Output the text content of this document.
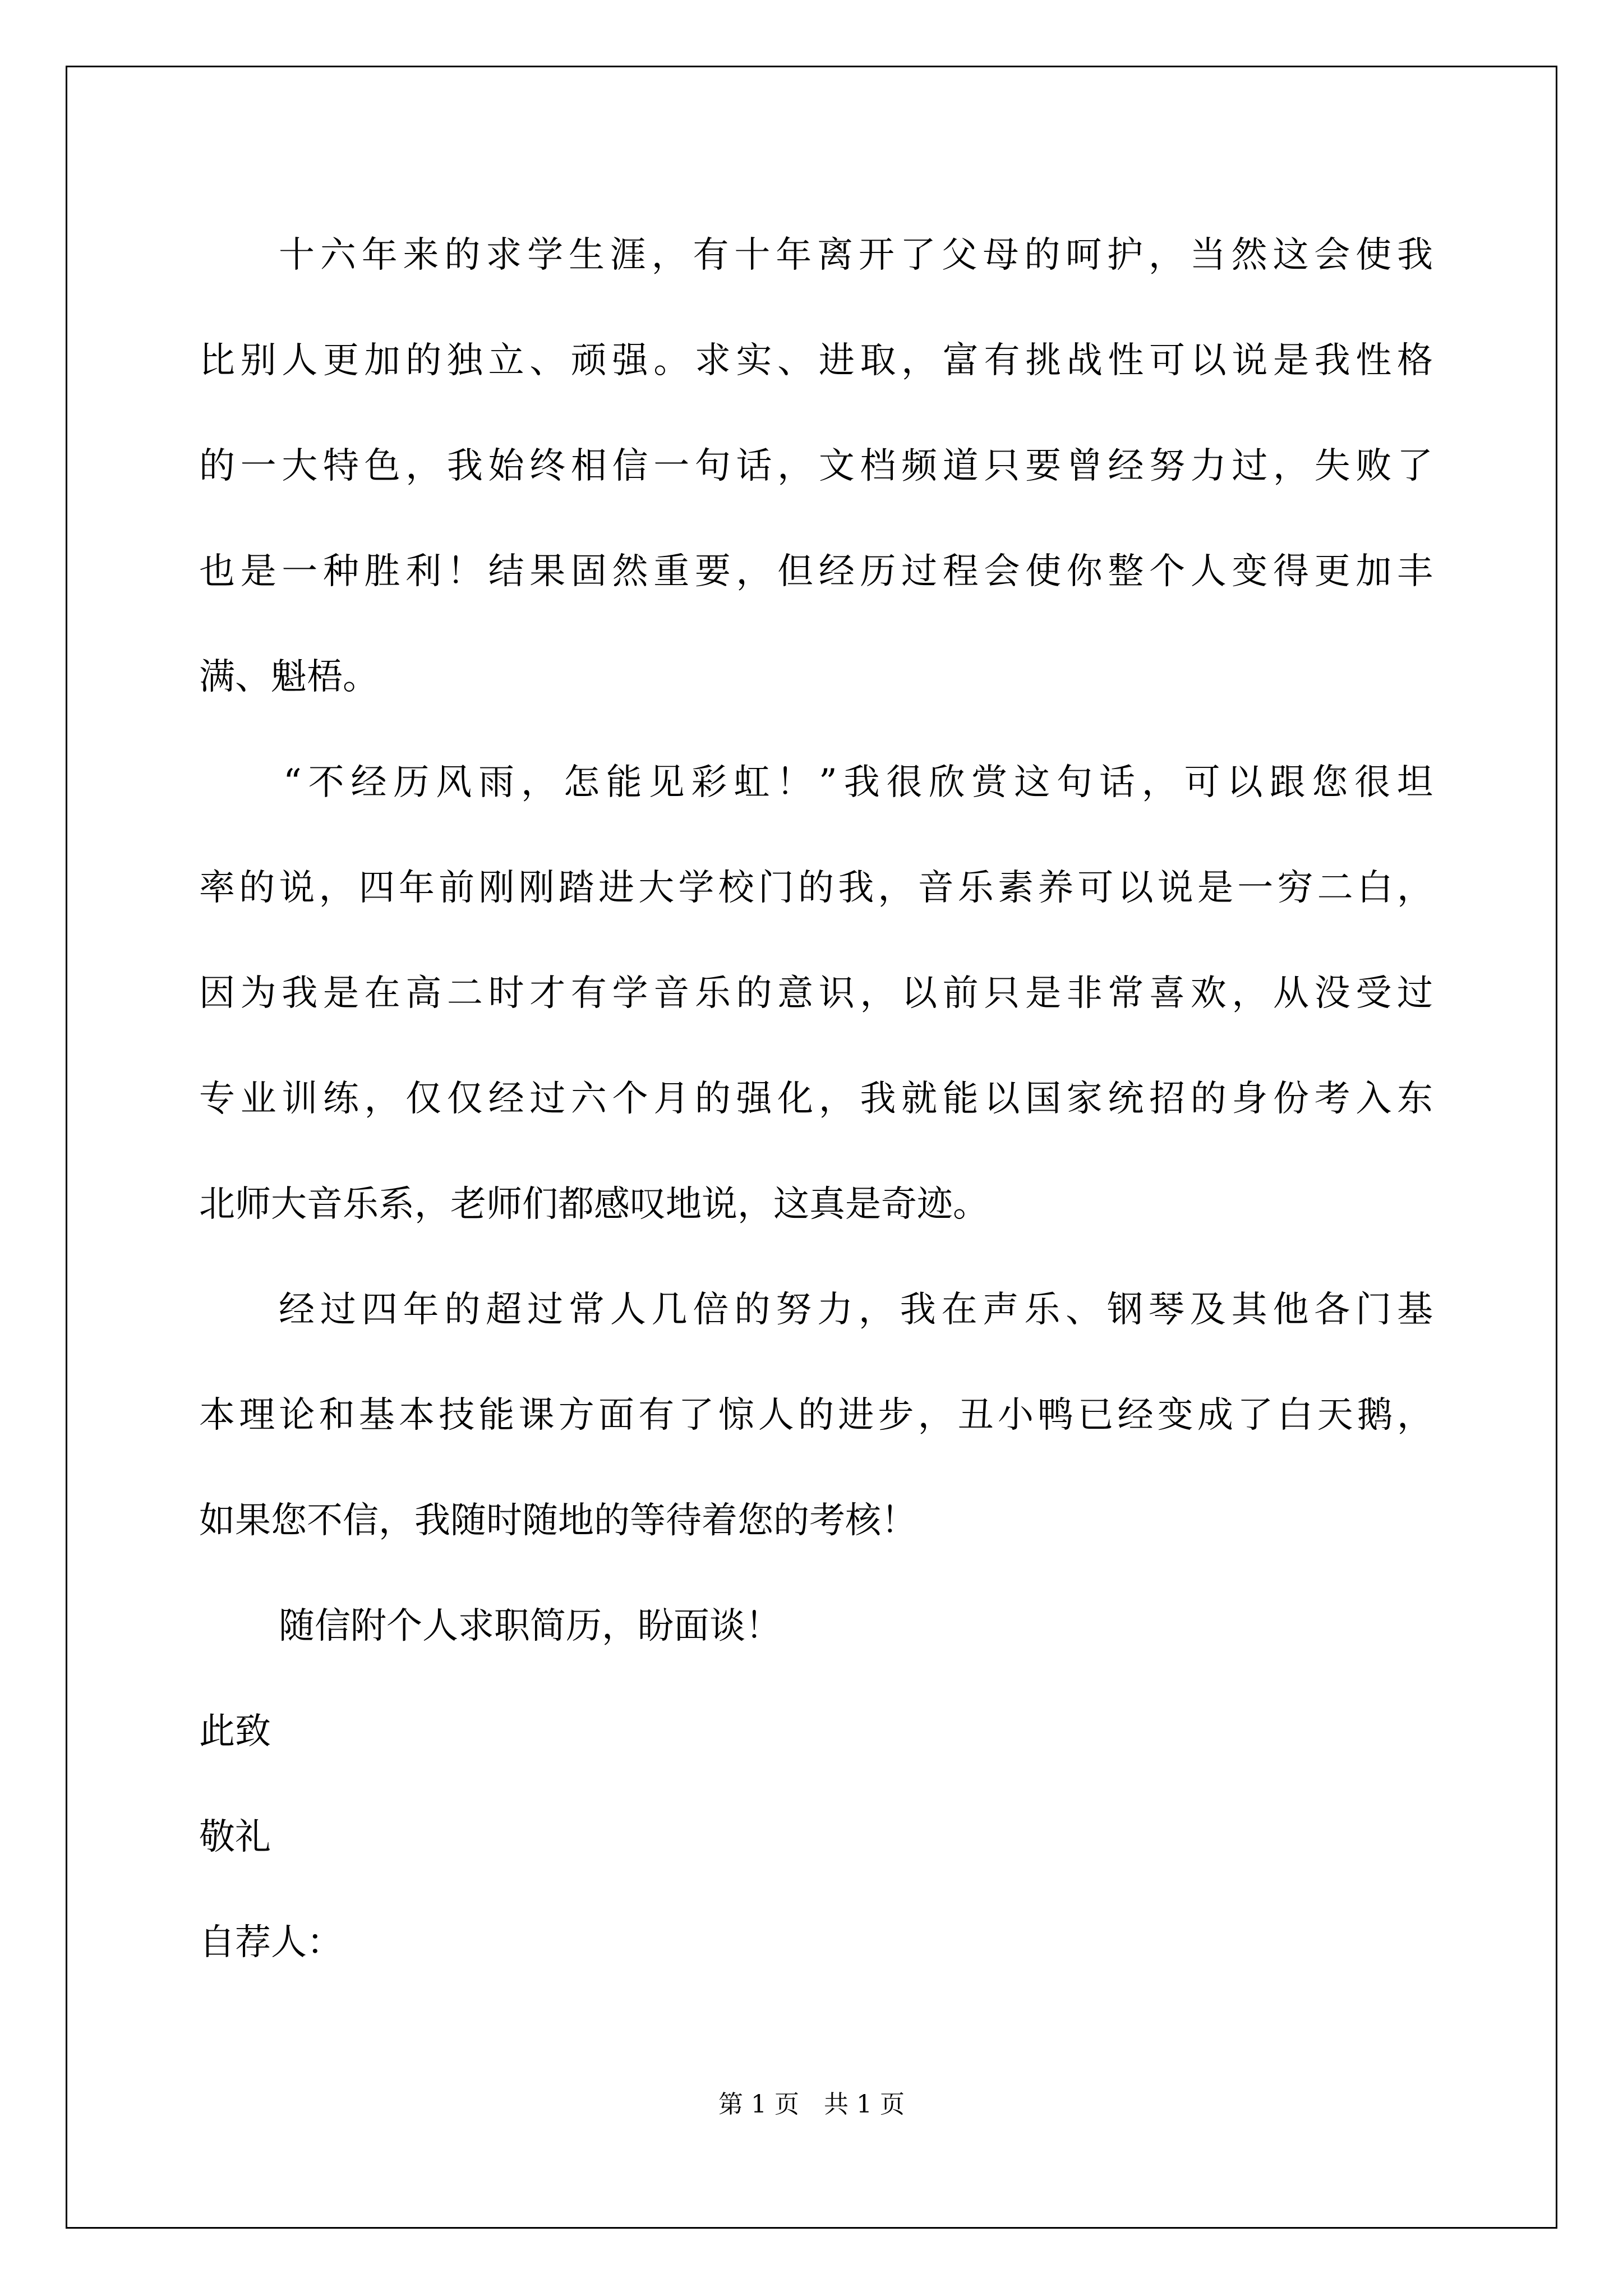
十六年来的求学生涯，有十年离开了父母的呵护，当然这会使我
比别人更加的独立、顽强。求实、进取，富有挑战性可以说是我性格
的一大特色，我始终相信一句话，文档频道只要曾经努力过，失败了
也是一种胜利！结果固然重要，但经历过程会使你整个人变得更加丰
满、魁梧。
“不经历风雨，怎能见彩虹！”我很欣赏这句话，可以跟您很坦
率的说，四年前刚刚踏进大学校门的我，音乐素养可以说是一穷二白，
因为我是在高二时才有学音乐的意识，以前只是非常喜欢，从没受过
专业训练，仅仅经过六个月的强化，我就能以国家统招的身份考入东
北师大音乐系，老师们都感叹地说，这真是奇迹。
经过四年的超过常人几倍的努力，我在声乐、钢琴及其他各门基
本理论和基本技能课方面有了惊人的进步，丑小鸭已经变成了白天鹅，
如果您不信，我随时随地的等待着您的考核！
随信附个人求职简历，盼面谈！
此致
敬礼
自荐人：
第 1 页　共 1 页
